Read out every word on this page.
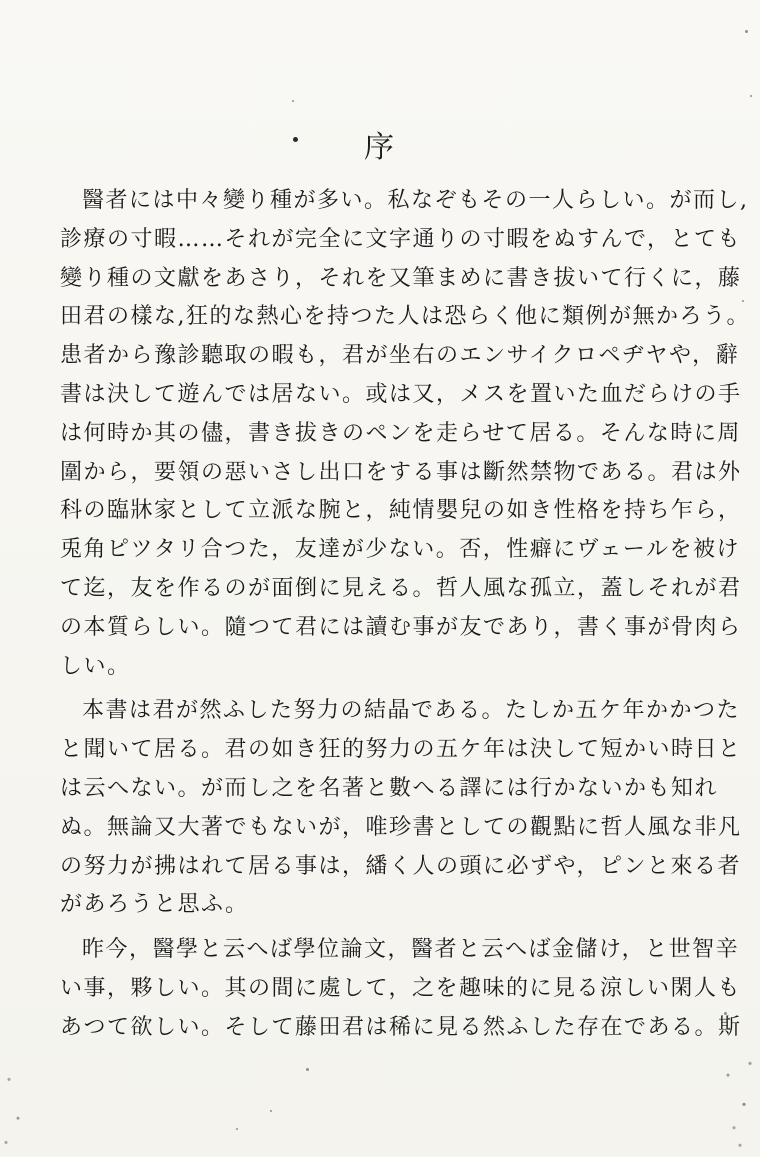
序
醫者には中々變り種が多い。私なぞもその一人らしい。が而し,
診療の寸暇……それが完全に文字通りの寸暇をぬすんで，とても
變り種の文獻をあさり，それを又筆まめに書き拔いて行くに，藤
田君の樣な,狂的な熱心を持つた人は恐らく他に類例が無かろう。
患者から豫診聽取の暇も，君が坐右のエンサイクロペヂヤや，辭
書は決して遊んでは居ない。或は又，メスを置いた血だらけの手
は何時か其の儘，書き拔きのペンを走らせて居る。そんな時に周
圍から，要領の惡いさし出口をする事は斷然禁物である。君は外
科の臨牀家として立派な腕と，純情嬰兒の如き性格を持ち乍ら，
兎角ピツタリ合つた，友達が少ない。否，性癖にヴェールを被け
て迄，友を作るのが面倒に見える。哲人風な孤立，蓋しそれが君
の本質らしい。隨つて君には讀む事が友であり，書く事が骨肉ら
しい。
本書は君が然ふした努力の結晶である。たしか五ケ年かかつた
と聞いて居る。君の如き狂的努力の五ケ年は決して短かい時日と
は云へない。が而し之を名著と數へる譯には行かないかも知れ
ぬ。無論又大著でもないが，唯珍書としての觀點に哲人風な非凡
の努力が拂はれて居る事は，繙く人の頭に必ずや，ピンと來る者
があろうと思ふ。
昨今，醫學と云へば學位論文，醫者と云へば金儲け，と世智辛
い事，夥しい。其の間に處して，之を趣味的に見る涼しい閑人も
あつて欲しい。そして藤田君は稀に見る然ふした存在である。斯
